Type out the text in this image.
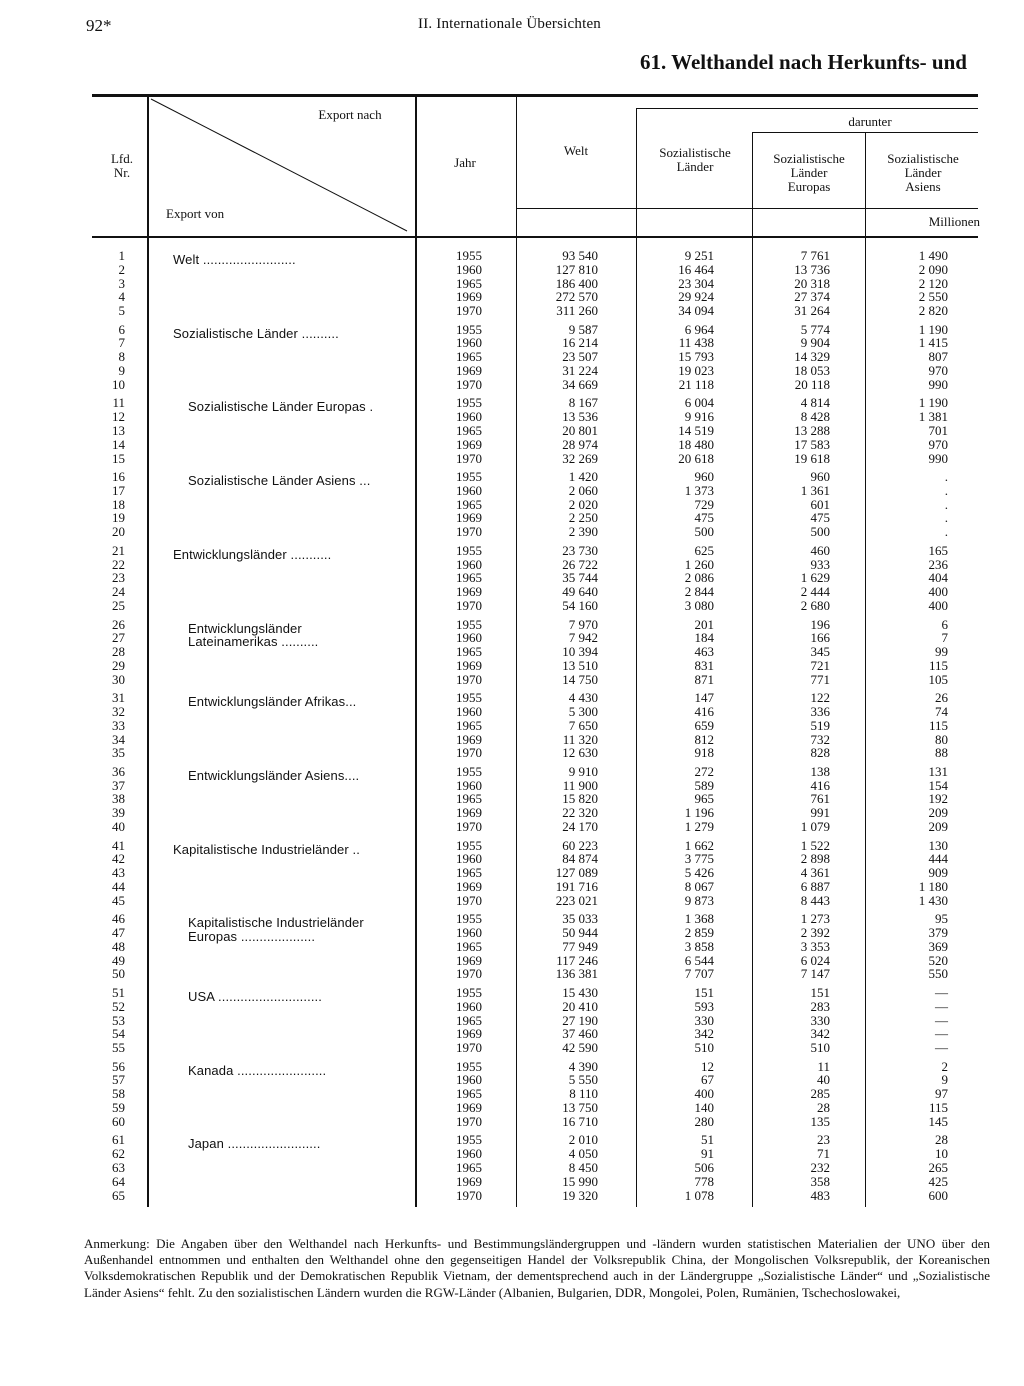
92*	II. Internationale Übersichten
61. Welthandel nach Herkunfts- und
Lfd.
Nr.
Export nach
Export von
Jahr
Welt	Sozialistische
Länder
darunter
Sozialistische
Länder
Europas
Sozialistische
Länder
Asiens
Millionen
Welt .........................
1
2
3
4
5
1955
1960
1965
1969
1970
93 540
127 810
186 400
272 570
311 260
9 251
16 464
23 304
29 924
34 094
7 761
13 736
20 318
27 374
31 264
1 490
2 090
2 120
2 550
2 820
Sozialistische Länder ..........
6
7
8
9
10
1955
1960
1965
1969
1970
9 587
16 214
23 507
31 224
34 669
6 964
11 438
15 793
19 023
21 118
5 774
9 904
14 329
18 053
20 118
1 190
1 415
807
970
990
Sozialistische Länder Europas .
11
12
13
14
15
1955
1960
1965
1969
1970
8 167
13 536
20 801
28 974
32 269
6 004
9 916
14 519
18 480
20 618
4 814
8 428
13 288
17 583
19 618
1 190
1 381
701
970
990
Sozialistische Länder Asiens ...
16
17
18
19
20
1955
1960
1965
1969
1970
1 420
2 060
2 020
2 250
2 390
960
1 373
729
475
500
960
1 361
601
475
500
.
.
.
.
.
Entwicklungsländer ...........
21
22
23
24
25
1955
1960
1965
1969
1970
23 730
26 722
35 744
49 640
54 160
625
1 260
2 086
2 844
3 080
460
933
1 629
2 444
2 680
165
236
404
400
400
Entwicklungsländer
Lateinamerikas ..........
26
27
28
29
30
1955
1960
1965
1969
1970
7 970
7 942
10 394
13 510
14 750
201
184
463
831
871
196
166
345
721
771
6
7
99
115
105
Entwicklungsländer Afrikas...
31
32
33
34
35
1955
1960
1965
1969
1970
4 430
5 300
7 650
11 320
12 630
147
416
659
812
918
122
336
519
732
828
26
74
115
80
88
Entwicklungsländer Asiens....
36
37
38
39
40
1955
1960
1965
1969
1970
9 910
11 900
15 820
22 320
24 170
272
589
965
1 196
1 279
138
416
761
991
1 079
131
154
192
209
209
Kapitalistische Industrieländer ..
41
42
43
44
45
1955
1960
1965
1969
1970
60 223
84 874
127 089
191 716
223 021
1 662
3 775
5 426
8 067
9 873
1 522
2 898
4 361
6 887
8 443
130
444
909
1 180
1 430
Kapitalistische Industrieländer
Europas ....................
46
47
48
49
50
1955
1960
1965
1969
1970
35 033
50 944
77 949
117 246
136 381
1 368
2 859
3 858
6 544
7 707
1 273
2 392
3 353
6 024
7 147
95
379
369
520
550
USA ............................
51
52
53
54
55
1955
1960
1965
1969
1970
15 430
20 410
27 190
37 460
42 590
151
593
330
342
510
151
283
330
342
510
—
—
—
—
—
Kanada ........................
56
57
58
59
60
1955
1960
1965
1969
1970
4 390
5 550
8 110
13 750
16 710
12
67
400
140
280
11
40
285
28
135
2
9
97
115
145
Japan .........................
61
62
63
64
65
1955
1960
1965
1969
1970
2 010
4 050
8 450
15 990
19 320
51
91
506
778
1 078
23
71
232
358
483
28
10
265
425
600
Anmerkung: Die Angaben über den Welthandel nach Herkunfts- und Bestimmungsländergruppen und -ländern wurden statistischen Materialien der UNO über den Außenhandel entnommen und enthalten den Welthandel ohne den gegenseitigen Handel der Volksrepublik China, der Mongolischen Volksrepublik, der Koreanischen Volksdemokratischen Republik und der Demokratischen Republik Vietnam, der dementsprechend auch in der Ländergruppe „Sozialistische Länder“ und „Sozialistische Länder Asiens“ fehlt. Zu den sozialistischen Ländern wurden die RGW-Länder (Albanien, Bulgarien, DDR, Mongolei, Polen, Rumänien, Tschechoslowakei,
